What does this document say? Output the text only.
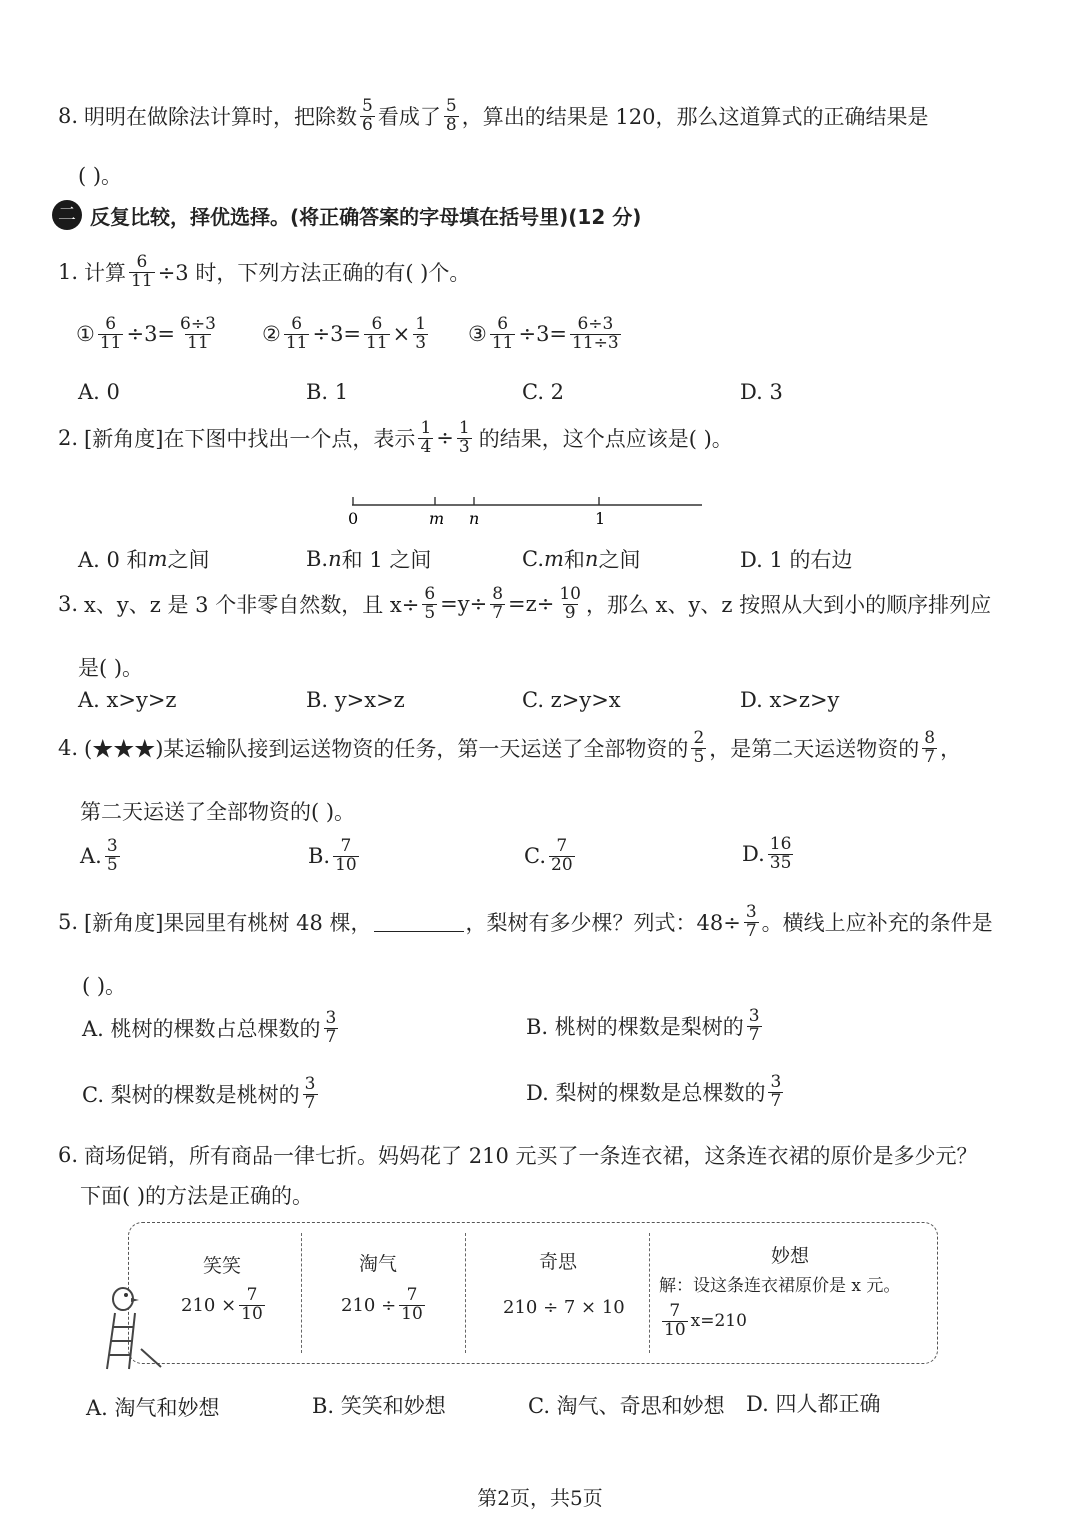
8. 明明在做除法计算时，把除数 $\frac{5}{6}$ 看成了 $\frac{5}{8}$ ，算出的结果是 120，那么这道算式的正确结果是
( )。
二 反复比较，择优选择。(将正确答案的字母填在括号里)(12 分)
1. 计算 $\frac{6}{11} \div 3$ 时，下列方法正确的有( )个。
① $\frac{6}{11} \div 3= \frac{6\div 3}{11}$ ② $\frac{6}{11} \div 3= \frac{6}{11} \times \frac{1}{3}$ ③ $\frac{6}{11} \div 3= \frac{6\div 3}{11\div 3}$
A. 0	B. 1	C. 2	D. 3
2. [新角度]在下图中找出一个点，表示 $\frac{1}{4} \div \frac{1}{3}$ 的结果，这个点应该是( )。
0	m n	1
A. 0 和 m 之间	B. n 和 1 之间	C. m 和 n 之间	D. 1 的右边
3. x、y、z 是 3 个非零自然数，且 $x\div \frac{6}{5} =y\div \frac{8}{7} =z\div \frac{10}{9}$ ，那么 x、y、z 按照从大到小的顺序排列应
是( )。
A. x>y>z	B. y>x>z	C. z>y>x	D. x>z>y
4. (★★★)某运输队接到运送物资的任务，第一天运送了全部物资的 $\frac{2}{5}$ ，是第二天运送物资的 $\frac{8}{7}$ ，
第二天运送了全部物资的( )。
A. $\frac{3}{5}$	B. $\frac{7}{10}$	C. $\frac{7}{20}$	D. $\frac{16}{35}$
5. [新角度]果园里有桃树 48 棵，	，梨树有多少棵？列式：$48\div \frac{3}{7}$ 。横线上应补充的条件是
( )。
A. 桃树的棵数占总棵数的 $\frac{3}{7}$	B. 桃树的棵数是梨树的 $\frac{3}{7}$
C. 梨树的棵数是桃树的 $\frac{3}{7}$	D. 梨树的棵数是总棵数的 $\frac{3}{7}$
6. 商场促销，所有商品一律七折。妈妈花了 210 元买了一条连衣裙，这条连衣裙的原价是多少元？
下面( )的方法是正确的。
笑笑
$210 \times \frac{7}{10}$
淘气
$210 \div \frac{7}{10}$
奇思
210 ÷ 7 × 10
妙想
解：设这条连衣裙原价是 x 元。
$\frac{7}{10} x=210$
A. 淘气和妙想	B. 笑笑和妙想	C. 淘气、奇思和妙想 D. 四人都正确
第2页，共5页
